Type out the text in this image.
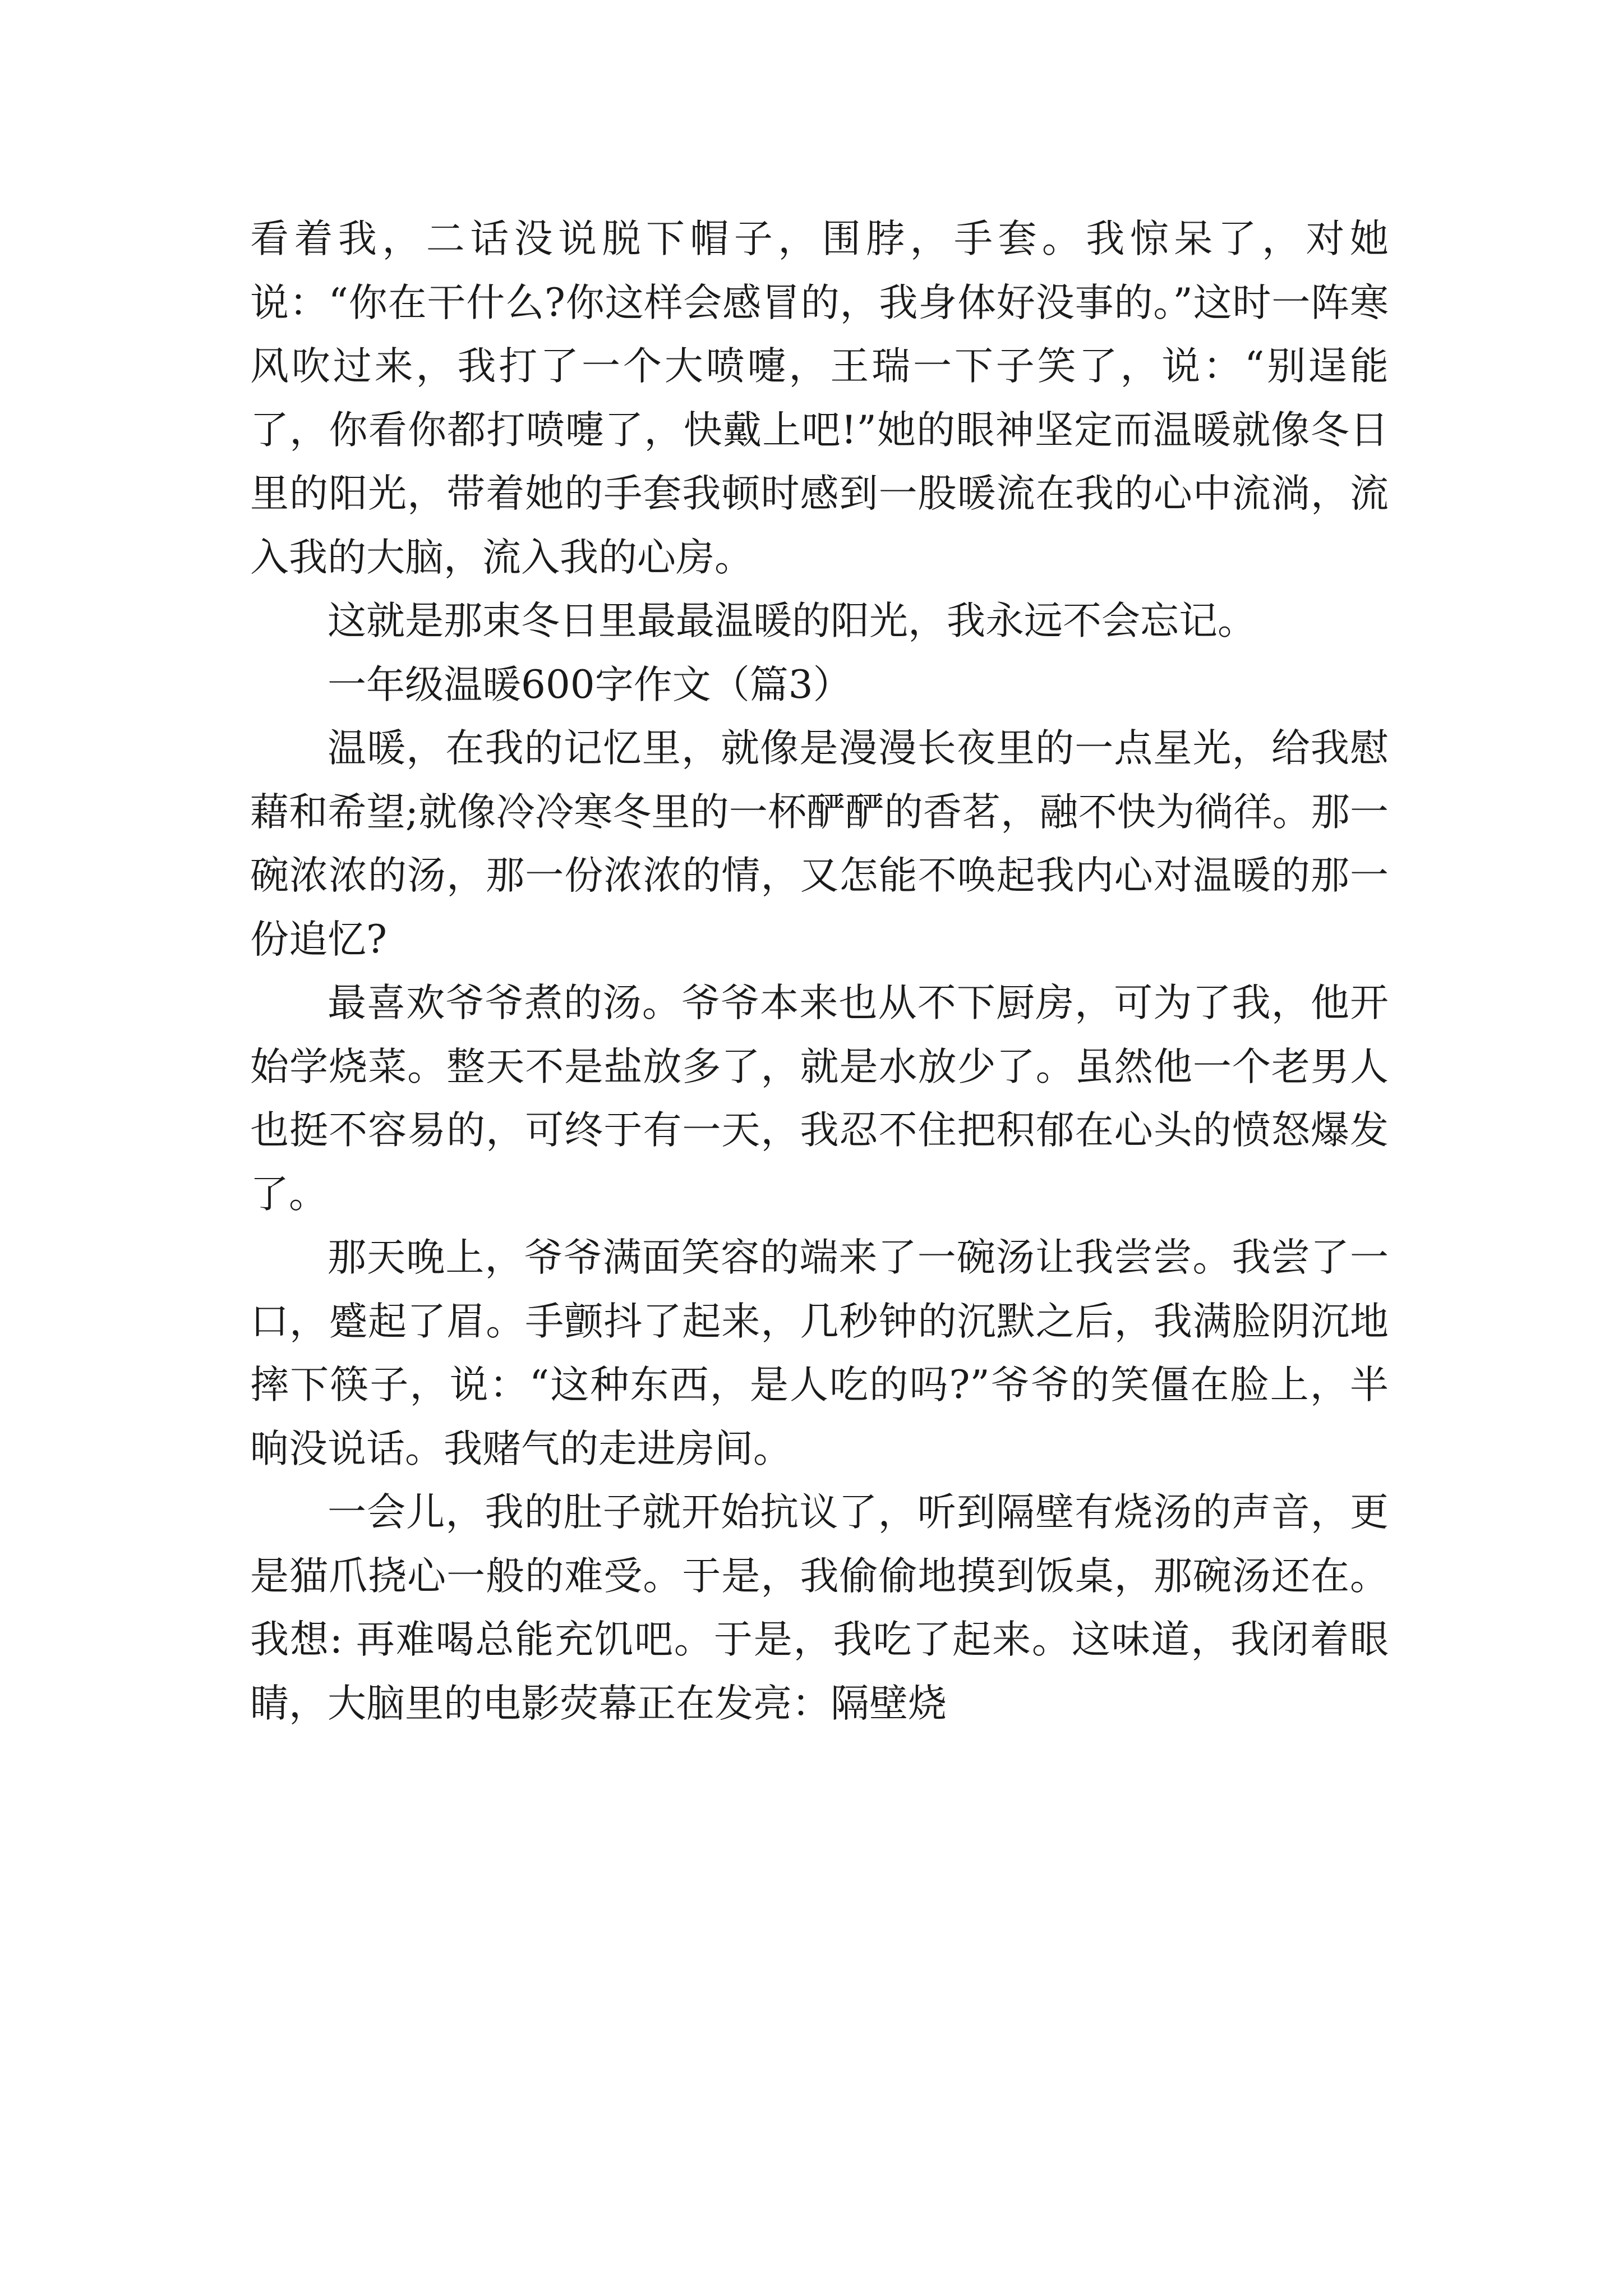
看着我，二话没说脱下帽子，围脖，手套。我惊呆了，对她说：“你在干什么?你这样会感冒的，我身体好没事的。”这时一阵寒风吹过来，我打了一个大喷嚏，王瑞一下子笑了，说：“别逞能了，你看你都打喷嚏了，快戴上吧!”她的眼神坚定而温暖就像冬日里的阳光，带着她的手套我顿时感到一股暖流在我的心中流淌，流入我的大脑，流入我的心房。

这就是那束冬日里最最温暖的阳光，我永远不会忘记。

一年级温暖600字作文（篇3）

温暖，在我的记忆里，就像是漫漫长夜里的一点星光，给我慰藉和希望;就像冷冷寒冬里的一杯酽酽的香茗，融不快为徜徉。那一碗浓浓的汤，那一份浓浓的情，又怎能不唤起我内心对温暖的那一份追忆?

最喜欢爷爷煮的汤。爷爷本来也从不下厨房，可为了我，他开始学烧菜。整天不是盐放多了，就是水放少了。虽然他一个老男人也挺不容易的，可终于有一天，我忍不住把积郁在心头的愤怒爆发了。

那天晚上，爷爷满面笑容的端来了一碗汤让我尝尝。我尝了一口，蹙起了眉。手颤抖了起来，几秒钟的沉默之后，我满脸阴沉地摔下筷子，说：“这种东西，是人吃的吗?”爷爷的笑僵在脸上，半晌没说话。我赌气的走进房间。

一会儿，我的肚子就开始抗议了，听到隔壁有烧汤的声音，更是猫爪挠心一般的难受。于是，我偷偷地摸到饭桌，那碗汤还在。我想: 再难喝总能充饥吧。于是，我吃了起来。这味道，我闭着眼睛，大脑里的电影荧幕正在发亮：隔壁烧
